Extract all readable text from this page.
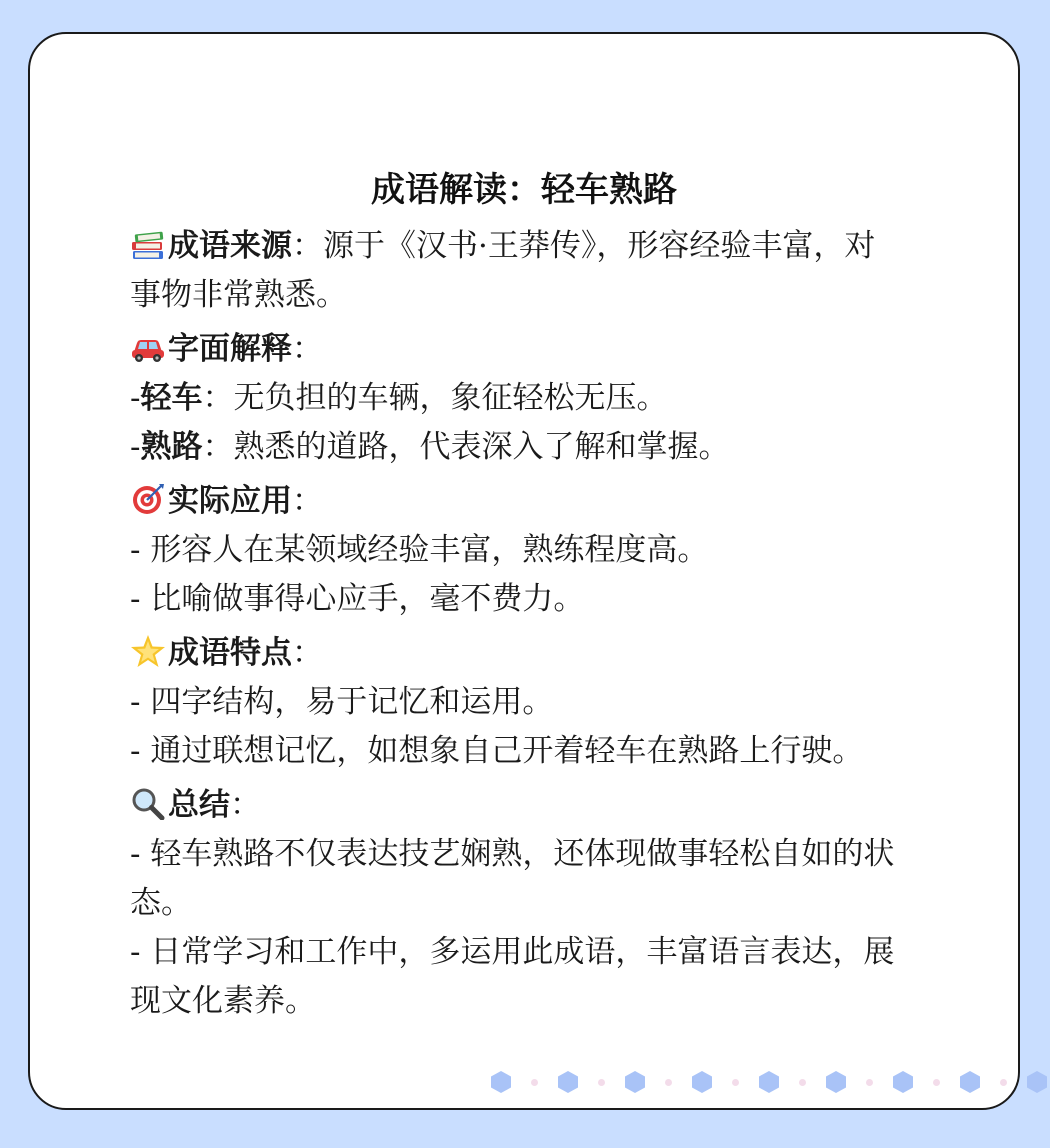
成语解读：轻车熟路
成语来源：源于《汉书·王莽传》，形容经验丰富，对
事物非常熟悉。
字面解释：
-轻车：无负担的车辆，象征轻松无压。
-熟路：熟悉的道路，代表深入了解和掌握。
实际应用：
- 形容人在某领域经验丰富，熟练程度高。
- 比喻做事得心应手，毫不费力。
成语特点：
- 四字结构，易于记忆和运用。
- 通过联想记忆，如想象自己开着轻车在熟路上行驶。
总结：
- 轻车熟路不仅表达技艺娴熟，还体现做事轻松自如的状
态。
- 日常学习和工作中，多运用此成语，丰富语言表达，展
现文化素养。
